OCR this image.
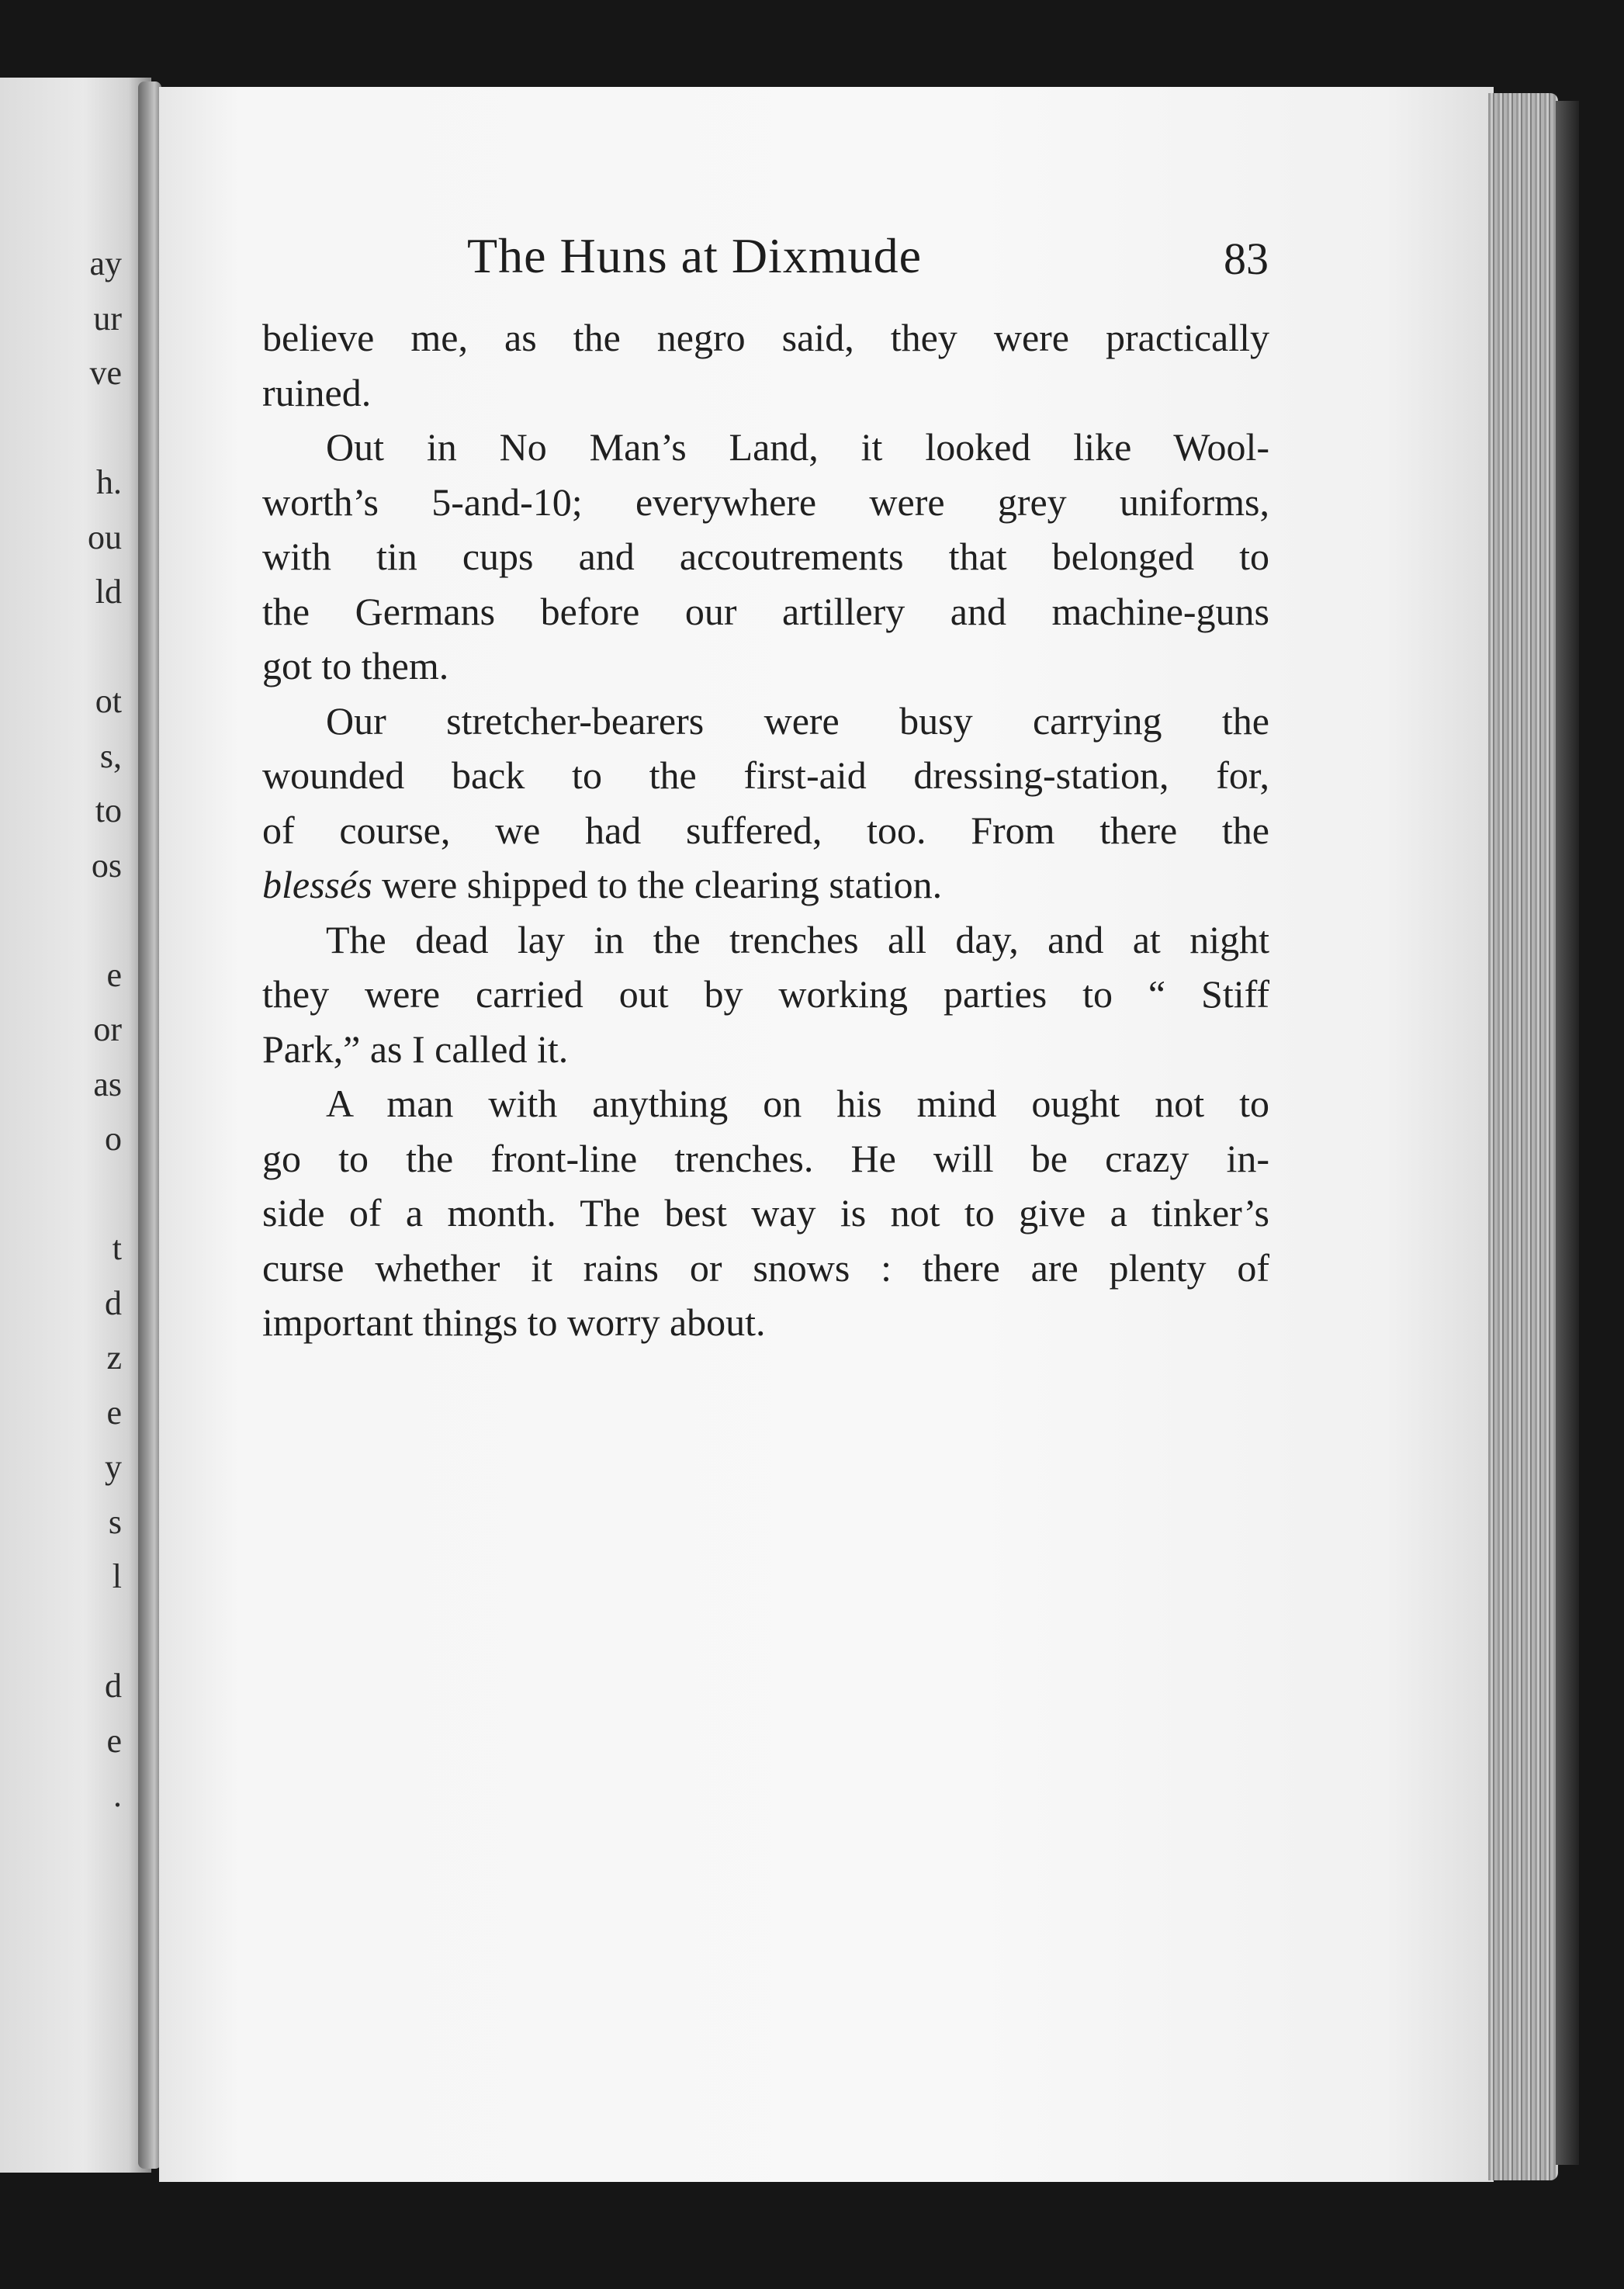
ay
ur
ve
h.
ou
ld
ot
s,
to
os
e
or
as
o
t
d
z
e
y
s
l
d
e
.
The Huns at Dixmude	83
believe me, as the negro said, they were practically
ruined.
Out in No Man’s Land, it looked like Wool-
worth’s 5-and-10; everywhere were grey uniforms,
with tin cups and accoutrements that belonged to
the Germans before our artillery and machine-guns
got to them.
Our stretcher-bearers were busy carrying the
wounded back to the first-aid dressing-station, for,
of course, we had suffered, too. From there the
blessés were shipped to the clearing station.
The dead lay in the trenches all day, and at night
they were carried out by working parties to “ Stiff
Park,” as I called it.
A man with anything on his mind ought not to
go to the front-line trenches. He will be crazy in-
side of a month. The best way is not to give a tinker’s
curse whether it rains or snows : there are plenty of
important things to worry about.
